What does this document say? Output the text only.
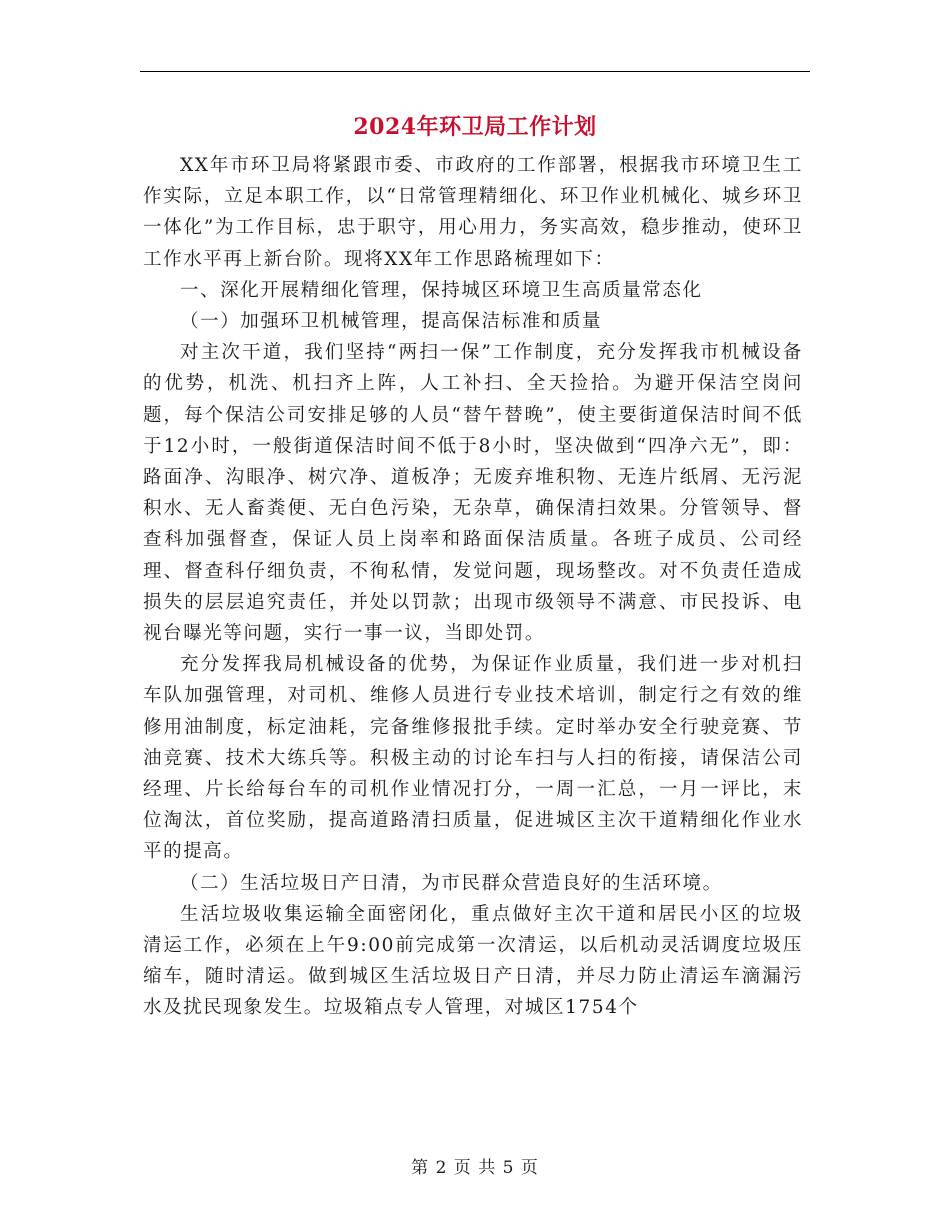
2024年环卫局工作计划

XX年市环卫局将紧跟市委、市政府的工作部署，根据我市环境卫生工作实际，立足本职工作，以“日常管理精细化、环卫作业机械化、城乡环卫一体化”为工作目标，忠于职守，用心用力，务实高效，稳步推动，使环卫工作水平再上新台阶。现将XX年工作思路梳理如下：

一、深化开展精细化管理，保持城区环境卫生高质量常态化

（一）加强环卫机械管理，提高保洁标准和质量

对主次干道，我们坚持“两扫一保”工作制度，充分发挥我市机械设备的优势，机洗、机扫齐上阵，人工补扫、全天捡拾。为避开保洁空岗问题，每个保洁公司安排足够的人员“替午替晚”，使主要街道保洁时间不低于12小时，一般街道保洁时间不低于8小时，坚决做到“四净六无”，即：路面净、沟眼净、树穴净、道板净；无废弃堆积物、无连片纸屑、无污泥积水、无人畜粪便、无白色污染，无杂草，确保清扫效果。分管领导、督查科加强督查，保证人员上岗率和路面保洁质量。各班子成员、公司经理、督查科仔细负责，不徇私情，发觉问题，现场整改。对不负责任造成损失的层层追究责任，并处以罚款；出现市级领导不满意、市民投诉、电视台曝光等问题，实行一事一议，当即处罚。

充分发挥我局机械设备的优势，为保证作业质量，我们进一步对机扫车队加强管理，对司机、维修人员进行专业技术培训，制定行之有效的维修用油制度，标定油耗，完备维修报批手续。定时举办安全行驶竞赛、节油竞赛、技术大练兵等。积极主动的讨论车扫与人扫的衔接，请保洁公司经理、片长给每台车的司机作业情况打分，一周一汇总，一月一评比，末位淘汰，首位奖励，提高道路清扫质量，促进城区主次干道精细化作业水平的提高。

（二）生活垃圾日产日清，为市民群众营造良好的生活环境。

生活垃圾收集运输全面密闭化，重点做好主次干道和居民小区的垃圾清运工作，必须在上午9:00前完成第一次清运，以后机动灵活调度垃圾压缩车，随时清运。做到城区生活垃圾日产日清，并尽力防止清运车滴漏污水及扰民现象发生。垃圾箱点专人管理，对城区1754个

第 2 页 共 5 页
